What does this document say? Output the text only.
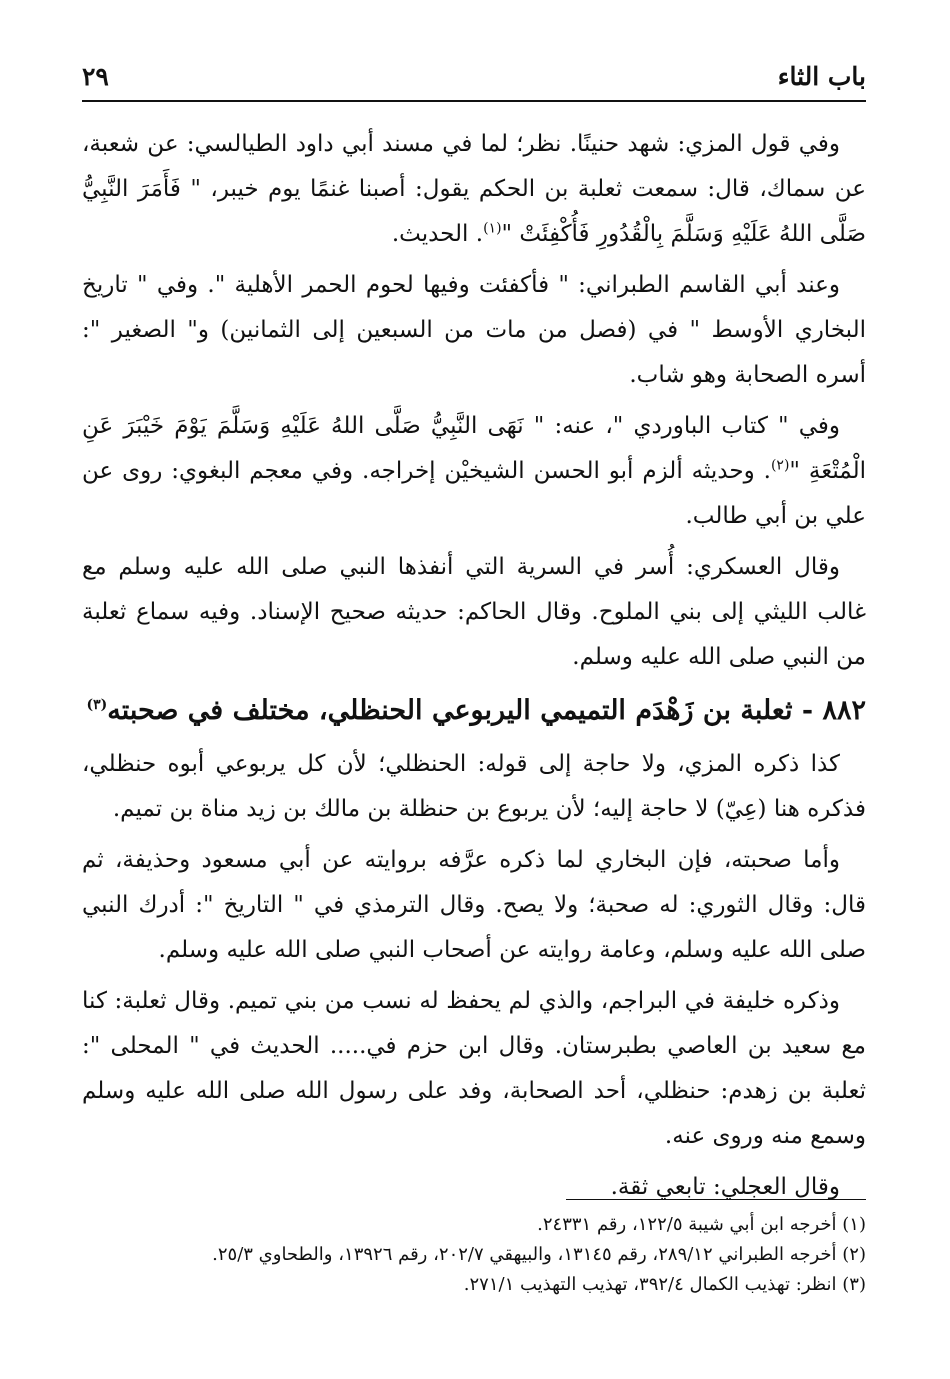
باب الثاء
٢٩

وفي قول المزي: شهد حنينًا. نظر؛ لما في مسند أبي داود الطيالسي: عن شعبة، عن سماك، قال: سمعت ثعلبة بن الحكم يقول: أصبنا غنمًا يوم خيبر، " فَأَمَرَ النَّبِيُّ صَلَّى اللهُ عَلَيْهِ وَسَلَّمَ بِالْقُدُورِ فَأُكْفِئَتْ "$^{(١)}$. الحديث.

وعند أبي القاسم الطبراني: " فأكفئت وفيها لحوم الحمر الأهلية ". وفي " تاريخ البخاري الأوسط " في (فصل من مات من السبعين إلى الثمانين) و" الصغير ": أسره الصحابة وهو شاب.

وفي " كتاب الباوردي "، عنه: " نَهَى النَّبِيُّ صَلَّى اللهُ عَلَيْهِ وَسَلَّمَ يَوْمَ خَيْبَرَ عَنِ الْمُتْعَةِ "$^{(٢)}$. وحديثه ألزم أبو الحسن الشيخيْن إخراجه. وفي معجم البغوي: روى عن علي بن أبي طالب.

وقال العسكري: أُسر في السرية التي أنفذها النبي صلى الله عليه وسلم مع غالب الليثي إلى بني الملوح. وقال الحاكم: حديثه صحيح الإسناد. وفيه سماع ثعلبة من النبي صلى الله عليه وسلم.

٨٨٢ - ثعلبة بن زَهْدَم التميمي اليربوعي الحنظلي، مختلف في صحبته$^{(٣)}$

كذا ذكره المزي، ولا حاجة إلى قوله: الحنظلي؛ لأن كل يربوعي أبوه حنظلي، فذكره هنا (عِيّ) لا حاجة إليه؛ لأن يربوع بن حنظلة بن مالك بن زيد مناة بن تميم.

وأما صحبته، فإن البخاري لما ذكره عرَّفه بروايته عن أبي مسعود وحذيفة، ثم قال: وقال الثوري: له صحبة؛ ولا يصح. وقال الترمذي في " التاريخ ": أدرك النبي صلى الله عليه وسلم، وعامة روايته عن أصحاب النبي صلى الله عليه وسلم.

وذكره خليفة في البراجم، والذي لم يحفظ له نسب من بني تميم. وقال ثعلبة: كنا مع سعيد بن العاصي بطبرستان. وقال ابن حزم في..... الحديث في " المحلى ": ثعلبة بن زهدم: حنظلي، أحد الصحابة، وفد على رسول الله صلى الله عليه وسلم وسمع منه وروى عنه.

وقال العجلي: تابعي ثقة.

(١) أخرجه ابن أبي شيبة ١٢٢/٥، رقم ٢٤٣٣١.
(٢) أخرجه الطبراني ٢٨٩/١٢، رقم ١٣١٤٥، والبيهقي ٢٠٢/٧، رقم ١٣٩٢٦، والطحاوي ٢٥/٣.
(٣) انظر: تهذيب الكمال ٣٩٢/٤، تهذيب التهذيب ٢٧١/١.
